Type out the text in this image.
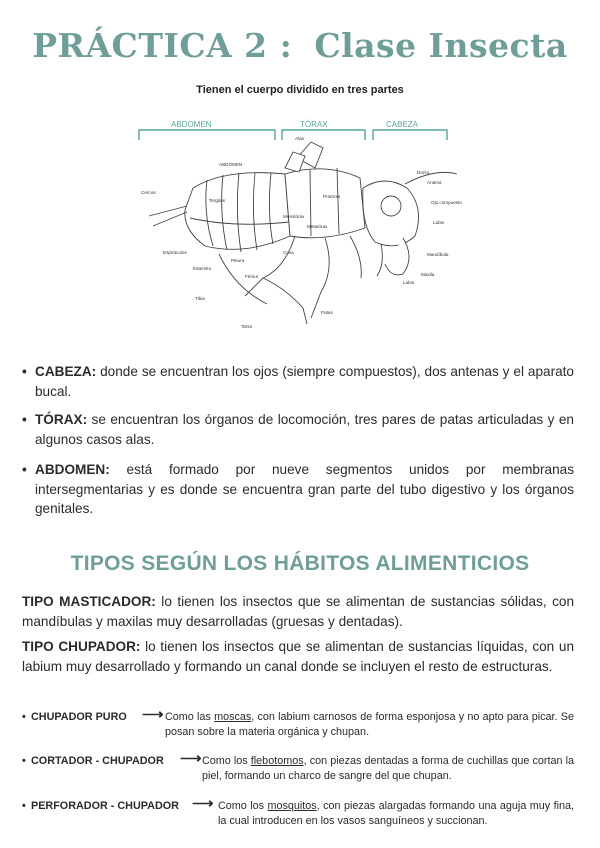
PRÁCTICA 2 : Clase Insecta
Tienen el cuerpo dividido en tres partes
ABDOMEN	TÓRAX	CABEZA
Alas
ABDOMEN
Dorso
Antena
Ojo compuesto
Labio
Mandíbula
Maxila
Labio
Protórax
Mesotórax
Metatórax
Cercos
Tergitos
Espiráculos
Esternito
Pleura
Fémur
Tibia
Tarso
Patas
Coxa
• CABEZA: donde se encuentran los ojos (siempre compuestos), dos antenas y el aparato bucal.
• TÓRAX: se encuentran los órganos de locomoción, tres pares de patas articuladas y en algunos casos alas.
• ABDOMEN: está formado por nueve segmentos unidos por membranas intersegmentarias y es donde se encuentra gran parte del tubo digestivo y los órganos genitales.
TIPOS SEGÚN LOS HÁBITOS ALIMENTICIOS
TIPO MASTICADOR: lo tienen los insectos que se alimentan de sustancias sólidas, con mandíbulas y maxilas muy desarrolladas (gruesas y dentadas).
TIPO CHUPADOR: lo tienen los insectos que se alimentan de sustancias líquidas, con un labium muy desarrollado y formando un canal donde se incluyen el resto de estructuras.
• CHUPADOR PURO ⟶ Como las moscas, con labium carnosos de forma esponjosa y no apto para picar. Se posan sobre la materia orgánica y chupan.
• CORTADOR - CHUPADOR ⟶ Como los flebotomos, con piezas dentadas a forma de cuchillas que cortan la piel, formando un charco de sangre del que chupan.
• PERFORADOR - CHUPADOR ⟶ Como los mosquitos, con piezas alargadas formando una aguja muy fina, la cual introducen en los vasos sanguíneos y succionan.
